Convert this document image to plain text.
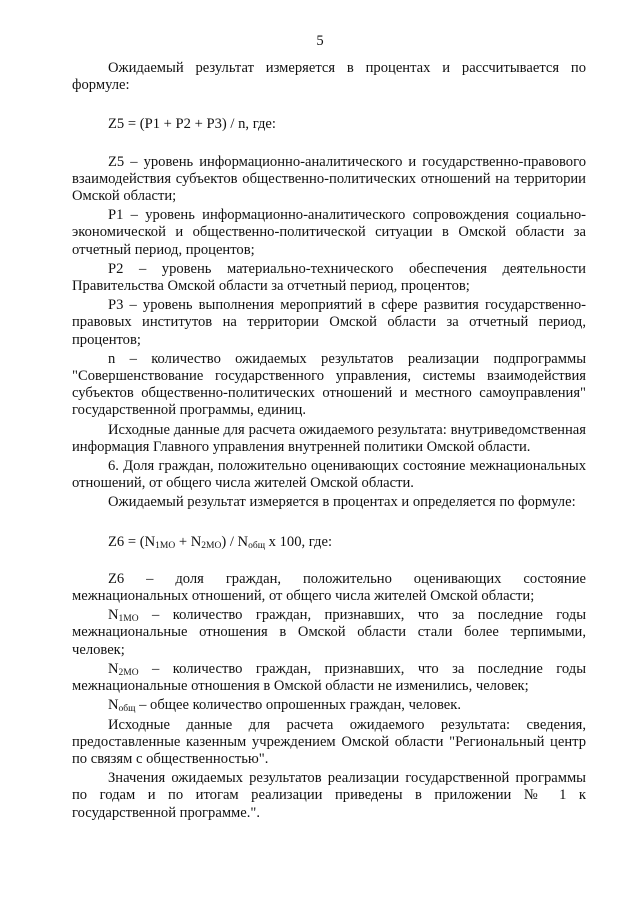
5

Ожидаемый результат измеряется в процентах и рассчитывается по формуле:

Z5 = (P1 + P2 + P3) / n, где:

Z5 – уровень информационно-аналитического и государственно-правового взаимодействия субъектов общественно-политических отношений на территории Омской области;

P1 – уровень информационно-аналитического сопровождения социально-экономической и общественно-политической ситуации в Омской области за отчетный период, процентов;

P2 – уровень материально-технического обеспечения деятельности Правительства Омской области за отчетный период, процентов;

P3 – уровень выполнения мероприятий в сфере развития государственно-правовых институтов на территории Омской области за отчетный период, процентов;

n – количество ожидаемых результатов реализации подпрограммы "Совершенствование государственного управления, системы взаимодействия субъектов общественно-политических отношений и местного самоуправления" государственной программы, единиц.

Исходные данные для расчета ожидаемого результата: внутриведомственная информация Главного управления внутренней политики Омской области.

6. Доля граждан, положительно оценивающих состояние межнациональных отношений, от общего числа жителей Омской области.

Ожидаемый результат измеряется в процентах и определяется по формуле:

$Z6 = (N_{1МО} + N_{2МО}) / N_{общ}$ x 100, где:

Z6 – доля граждан, положительно оценивающих состояние межнациональных отношений, от общего числа жителей Омской области;

$N_{1МО}$ – количество граждан, признавших, что за последние годы межнациональные отношения в Омской области стали более терпимыми, человек;

$N_{2МО}$ – количество граждан, признавших, что за последние годы межнациональные отношения в Омской области не изменились, человек;

$N_{общ}$ – общее количество опрошенных граждан, человек.

Исходные данные для расчета ожидаемого результата: сведения, предоставленные казенным учреждением Омской области "Региональный центр по связям с общественностью".

Значения ожидаемых результатов реализации государственной программы по годам и по итогам реализации приведены в приложении № 1 к государственной программе.".
